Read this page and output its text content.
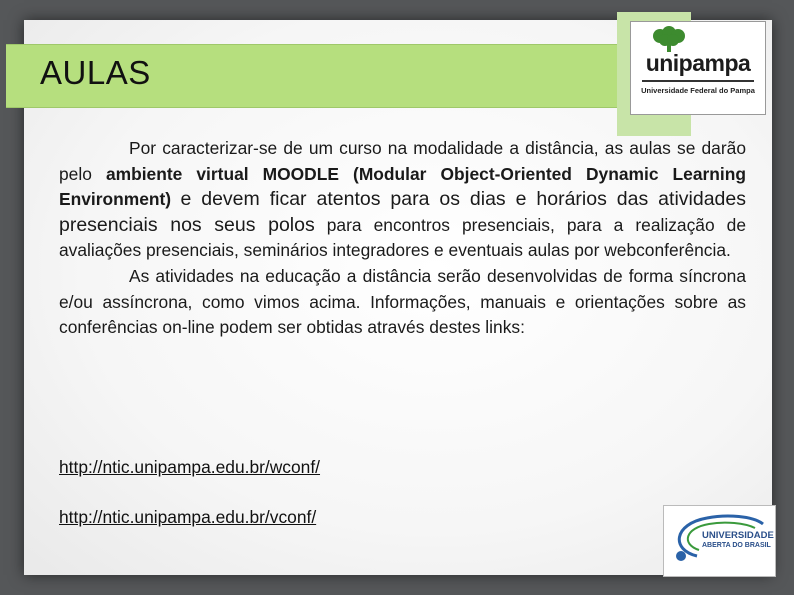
AULAS	unipampa
Universidade Federal do Pampa

Por caracterizar-se de um curso na modalidade a distância, as aulas se darão pelo ambiente virtual MOODLE (Modular Object-Oriented Dynamic Learning Environment) e devem ficar atentos para os dias e horários das atividades presenciais nos seus polos para encontros presenciais, para a realização de avaliações presenciais, seminários integradores e eventuais aulas por webconferência.

As atividades na educação a distância serão desenvolvidas de forma síncrona e/ou assíncrona, como vimos acima. Informações, manuais e orientações sobre as conferências on-line podem ser obtidas através destes links:

http://ntic.unipampa.edu.br/wconf/
http://ntic.unipampa.edu.br/vconf/
UNIVERSIDADE
ABERTA DO BRASIL
